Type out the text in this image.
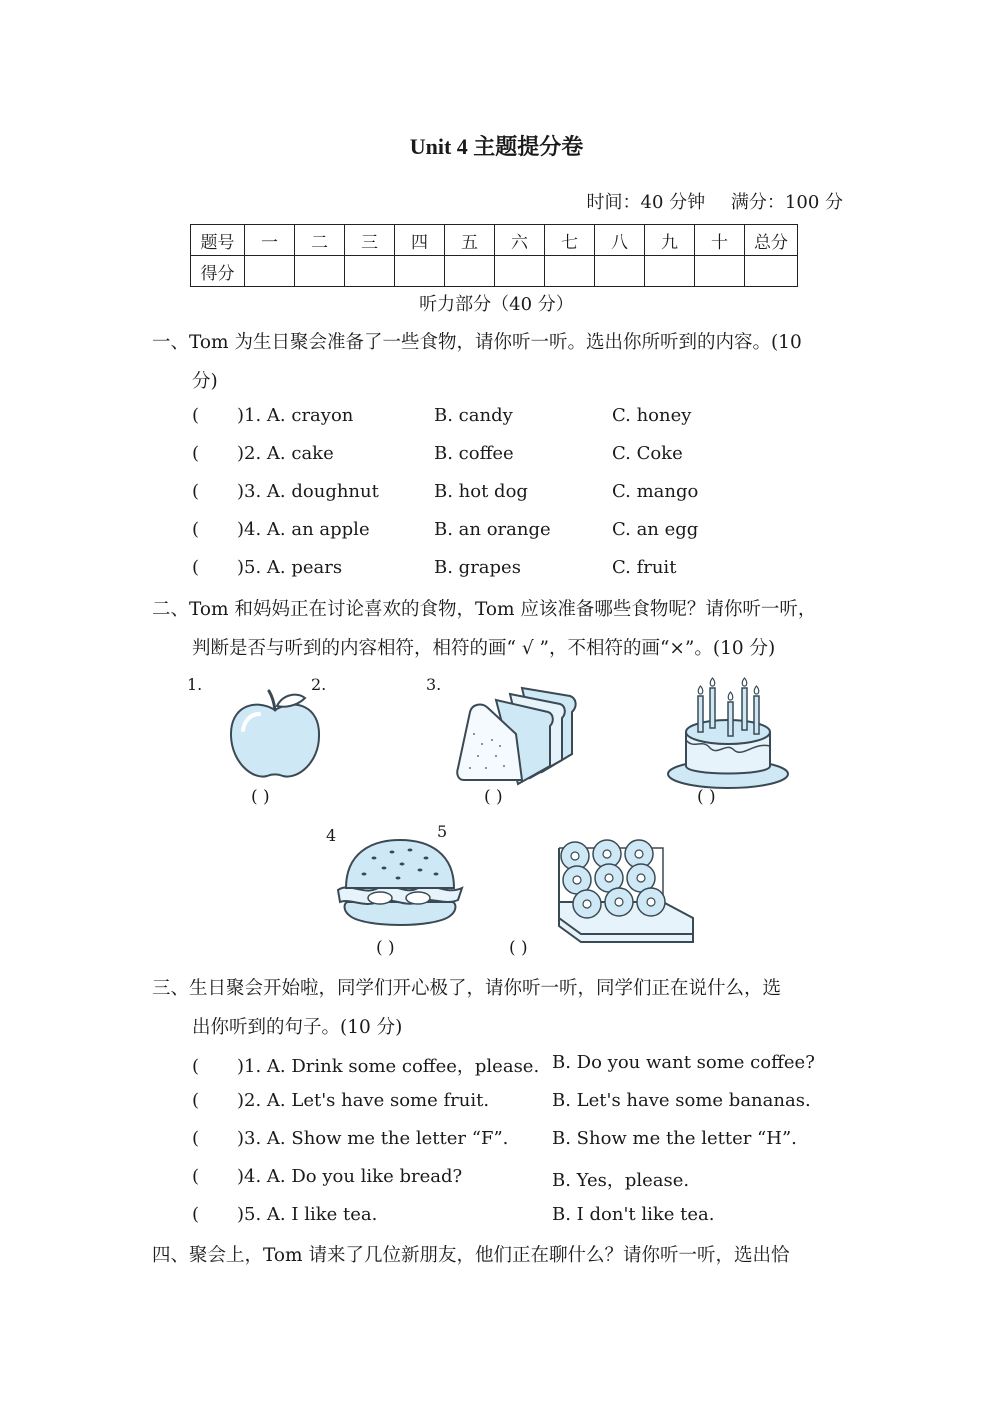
Unit 4 主题提分卷
时间：40 分钟 满分：100 分
题号	一	二	三	四	五	六	七	八	九	十	总分
得分											
听力部分（40 分）
一、Tom 为生日聚会准备了一些食物，请你听一听。选出你所听到的内容。(10
分)
( )1. A. crayon	B. candy	C. honey
( )2. A. cake	B. coffee	C. Coke
( )3. A. doughnut	B. hot dog	C. mango
( )4. A. an apple	B. an orange	C. an egg
( )5. A. pears	B. grapes	C. fruit
二、Tom 和妈妈正在讨论喜欢的食物，Tom 应该准备哪些食物呢？请你听一听，
判断是否与听到的内容相符，相符的画“ √ ”，不相符的画“×”。(10 分)
1.	2.	3.
4	5
( )	( )	( )
( )	( )
三、生日聚会开始啦，同学们开心极了，请你听一听，同学们正在说什么，选
出你听到的句子。(10 分)
( )1. A. Drink some coffee，please. B. Do you want some coffee?
( )2. A. Let's have some fruit.	B. Let's have some bananas.
( )3. A. Show me the letter “F”. B. Show me the letter “H”.
( )4. A. Do you like bread?	B. Yes，please.
( )5. A. I like tea.	B. I don't like tea.
四、聚会上，Tom 请来了几位新朋友，他们正在聊什么？请你听一听，选出恰
